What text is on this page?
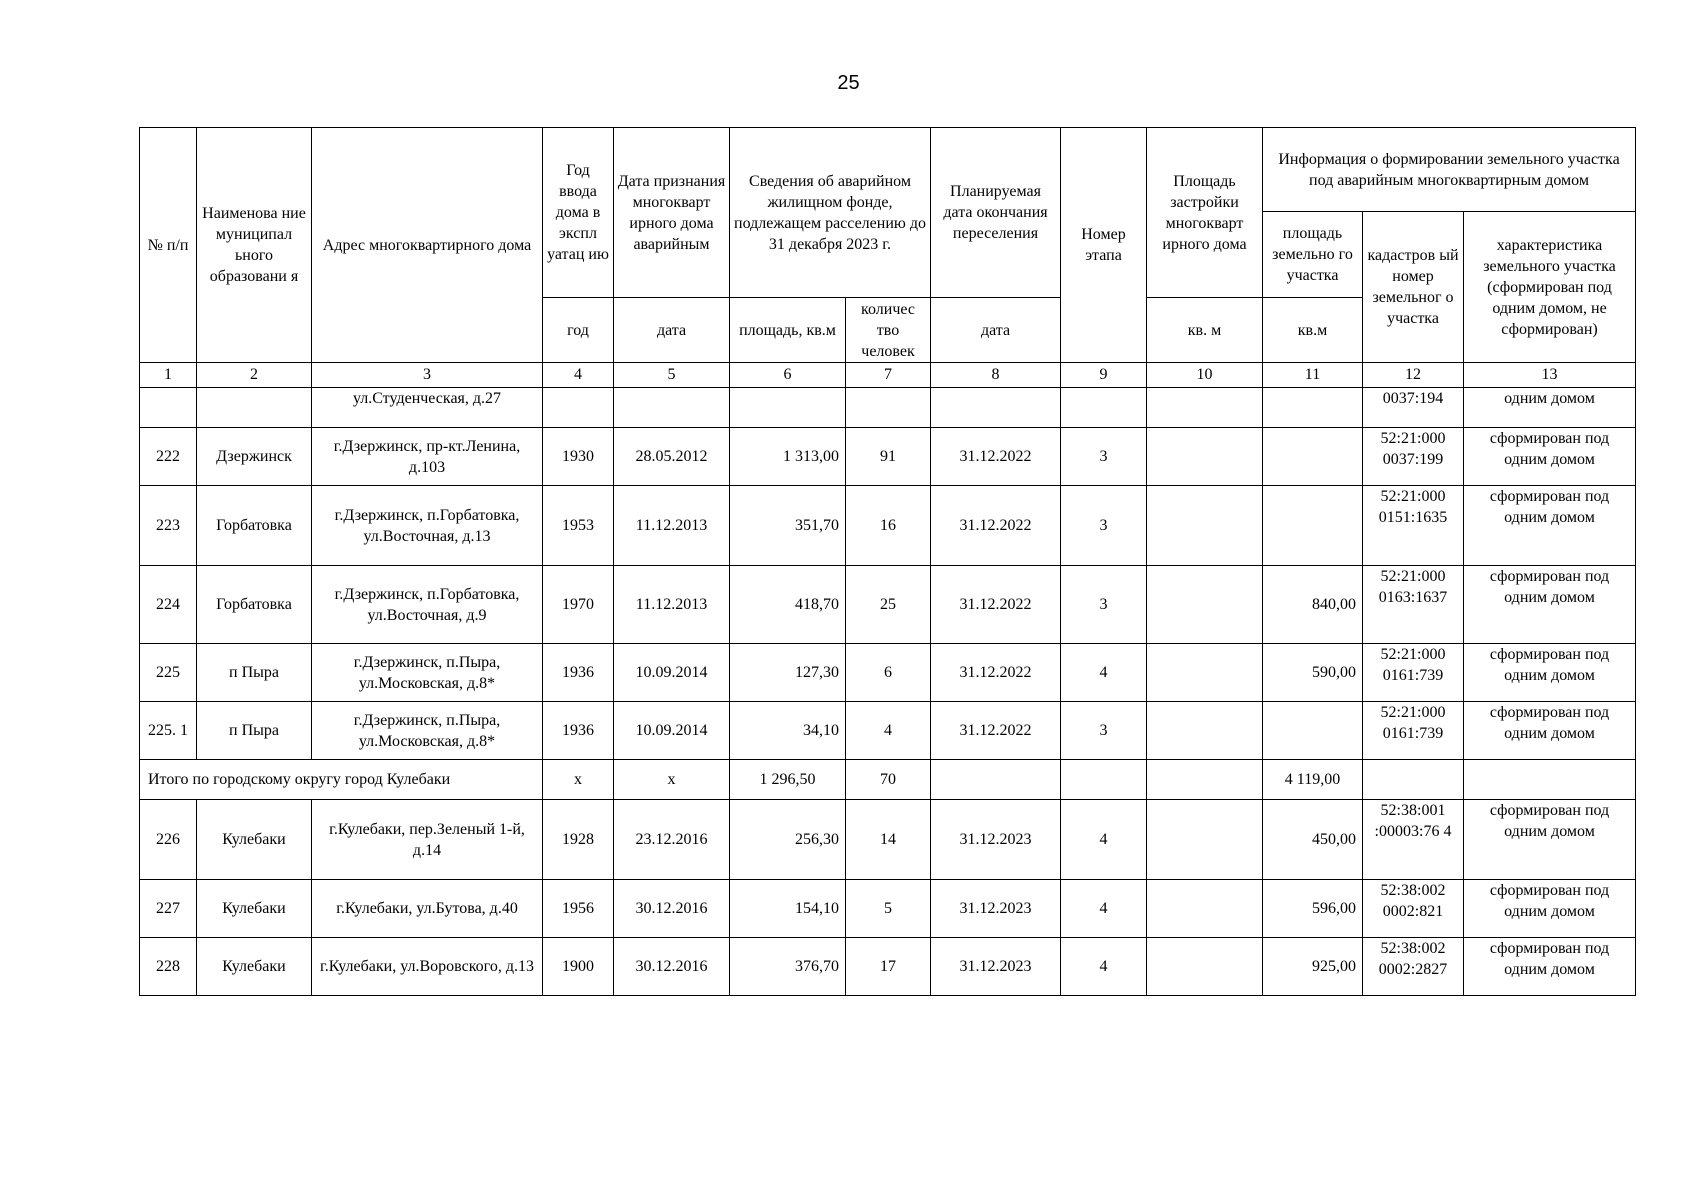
25
№ п/п	Наименова ние муниципал ьного образовани я	Адрес многоквартирного дома	Год ввода дома в экспл уатац ию	Дата признания многокварт ирного дома аварийным	Сведения об аварийном жилищном фонде, подлежащем расселению до 31 декабря 2023 г.		Планируемая дата окончания переселения	Номер этапа	Площадь застройки многокварт ирного дома	Информация о формировании земельного участка под аварийным многоквартирным домом		
										площадь земельно го участка	кадастров ый номер земельног о участка	характеристика земельного участка (сформирован под одним домом, не сформирован)
			год	дата	площадь, кв.м	количес тво человек	дата		кв. м	кв.м		
1	2	3	4	5	6	7	8	9	10	11	12	13
		ул.Студенческая, д.27									0037:194	одним домом
222	Дзержинск	г.Дзержинск, пр-кт.Ленина, д.103	1930	28.05.2012	1 313,00	91	31.12.2022	3			52:21:000 0037:199	сформирован под одним домом
223	Горбатовка	г.Дзержинск, п.Горбатовка, ул.Восточная, д.13	1953	11.12.2013	351,70	16	31.12.2022	3			52:21:000 0151:1635	сформирован под одним домом
224	Горбатовка	г.Дзержинск, п.Горбатовка, ул.Восточная, д.9	1970	11.12.2013	418,70	25	31.12.2022	3		840,00	52:21:000 0163:1637	сформирован под одним домом
225	п Пыра	г.Дзержинск, п.Пыра, ул.Московская, д.8*	1936	10.09.2014	127,30	6	31.12.2022	4		590,00	52:21:000 0161:739	сформирован под одним домом
225. 1	п Пыра	г.Дзержинск, п.Пыра, ул.Московская, д.8*	1936	10.09.2014	34,10	4	31.12.2022	3			52:21:000 0161:739	сформирован под одним домом
Итого по городскому округу город Кулебаки			x	x	1 296,50	70				4 119,00		
226	Кулебаки	г.Кулебаки, пер.Зеленый 1-й, д.14	1928	23.12.2016	256,30	14	31.12.2023	4		450,00	52:38:001 :00003:76 4	сформирован под одним домом
227	Кулебаки	г.Кулебаки, ул.Бутова, д.40	1956	30.12.2016	154,10	5	31.12.2023	4		596,00	52:38:002 0002:821	сформирован под одним домом
228	Кулебаки	г.Кулебаки, ул.Воровского, д.13	1900	30.12.2016	376,70	17	31.12.2023	4		925,00	52:38:002 0002:2827	сформирован под одним домом
